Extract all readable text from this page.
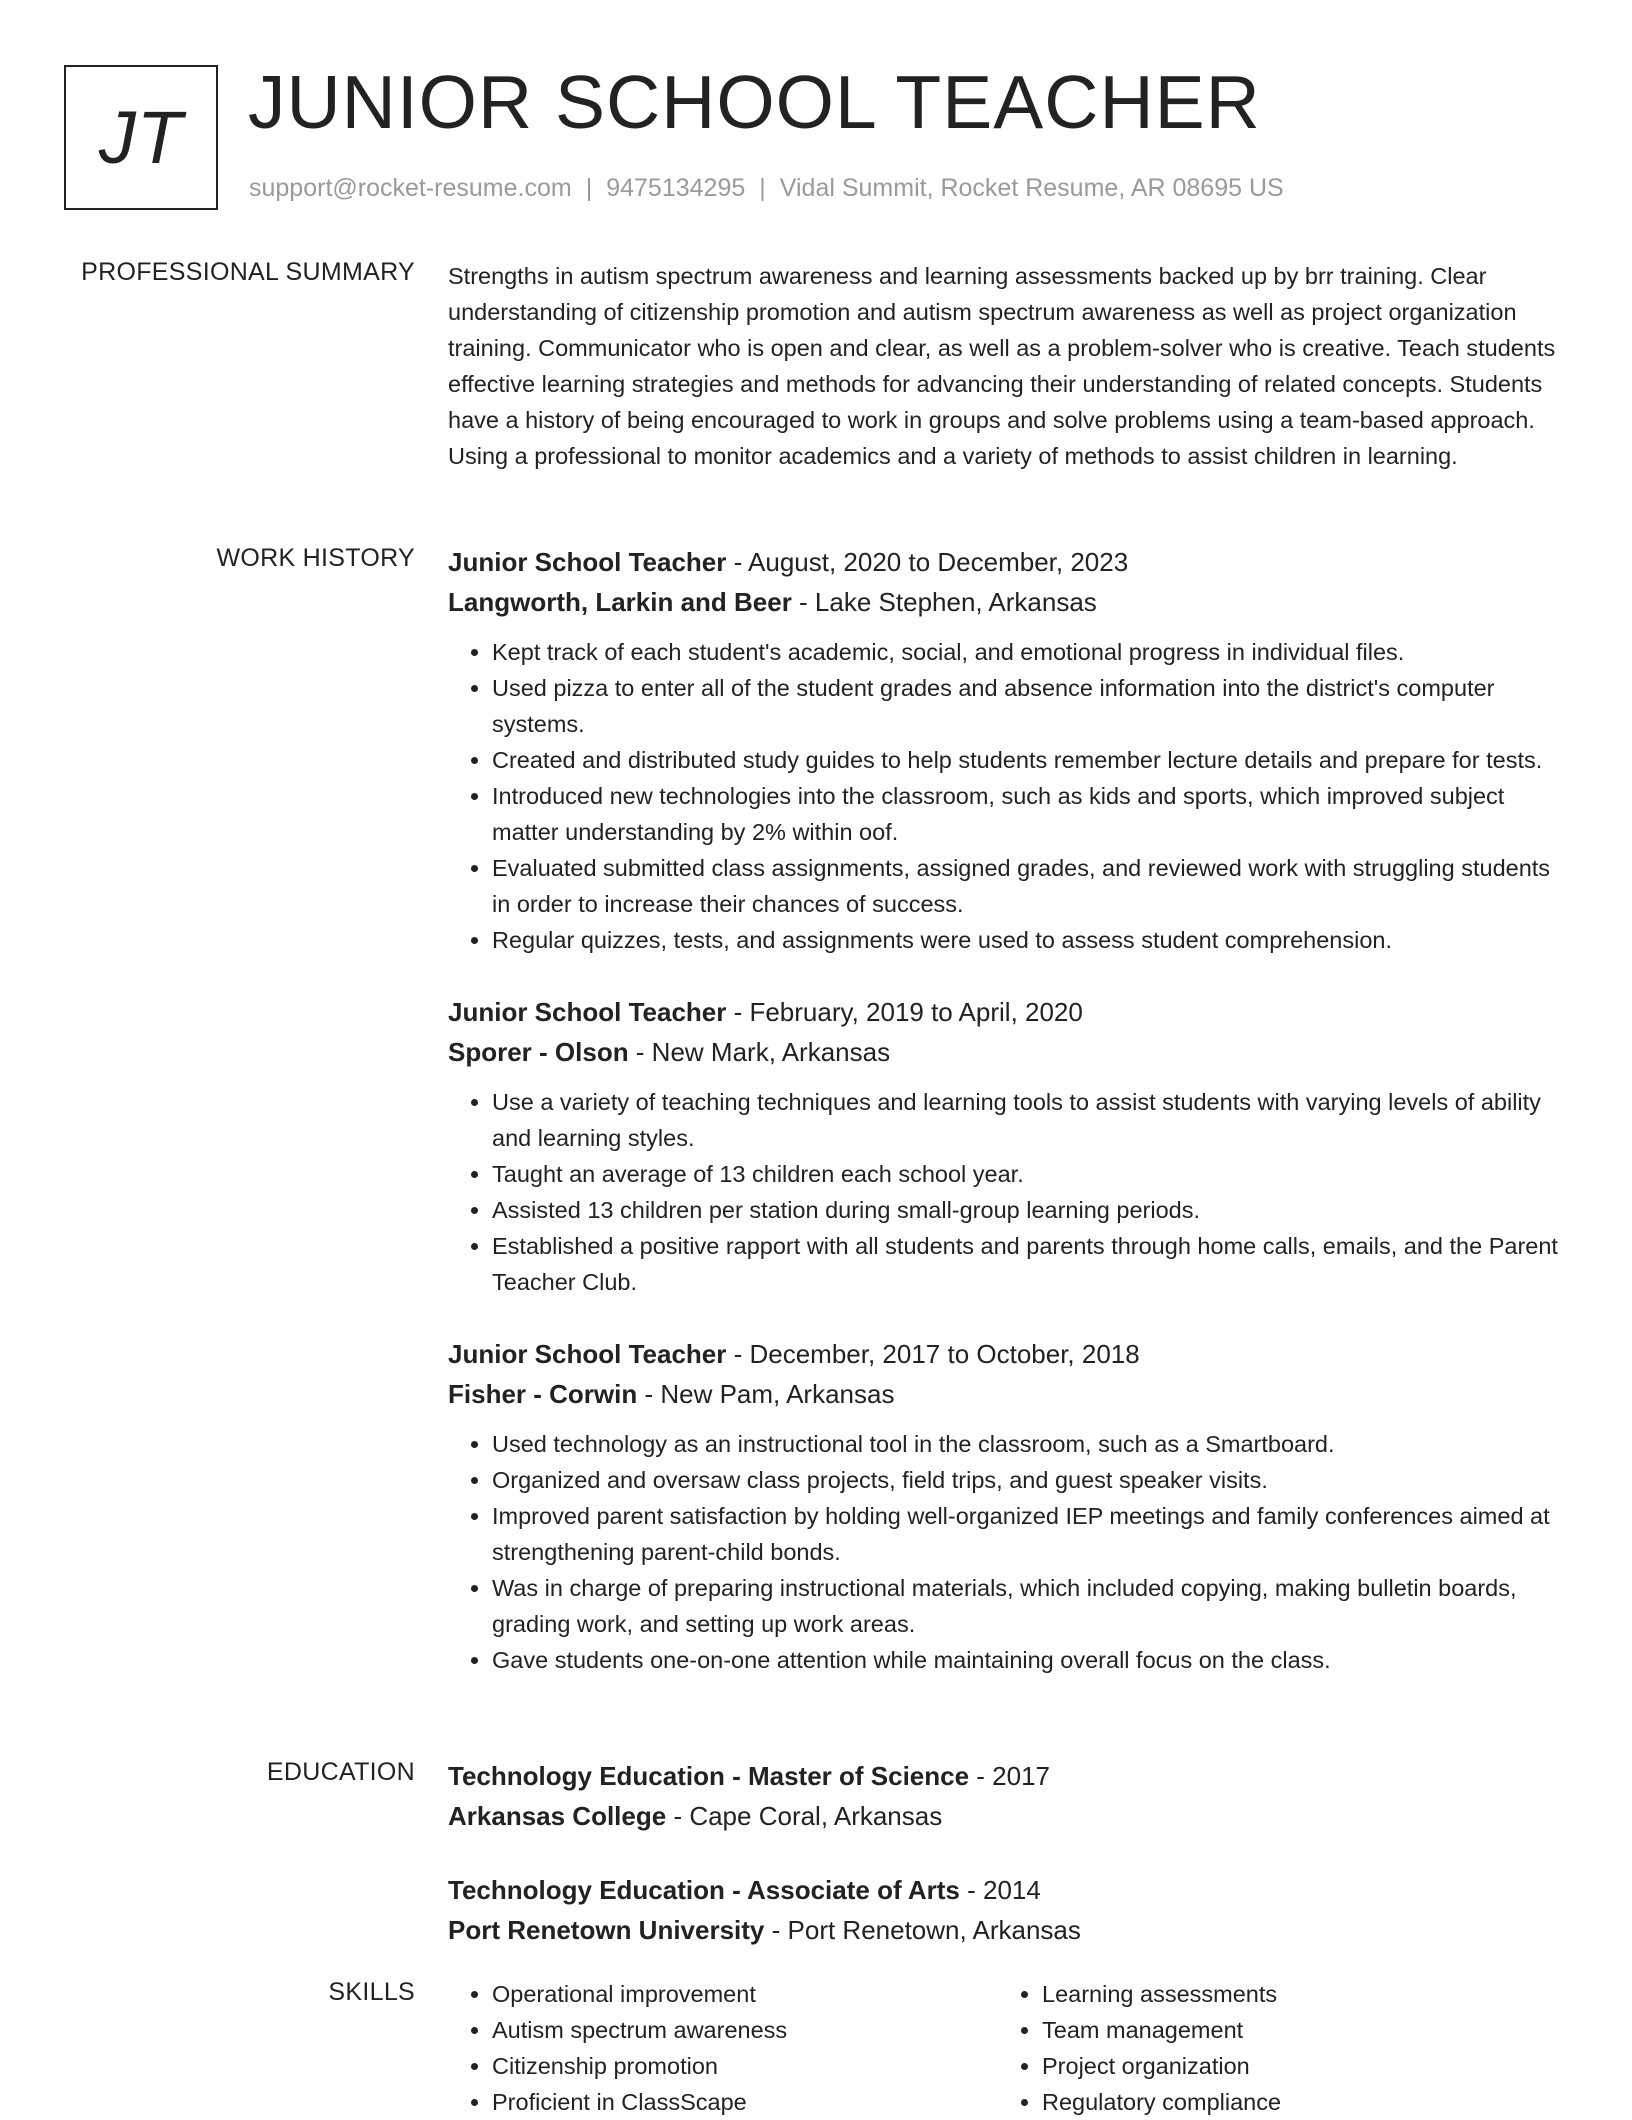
JT JUNIOR SCHOOL TEACHER
support@rocket-resume.com | 9475134295 | Vidal Summit, Rocket Resume, AR 08695 US
PROFESSIONAL SUMMARY Strengths in autism spectrum awareness and learning assessments backed up by brr training. Clear understanding of citizenship promotion and autism spectrum awareness as well as project organization training. Communicator who is open and clear, as well as a problem-solver who is creative. Teach students effective learning strategies and methods for advancing their understanding of related concepts. Students have a history of being encouraged to work in groups and solve problems using a team-based approach. Using a professional to monitor academics and a variety of methods to assist children in learning.

WORK HISTORY Junior School Teacher - August, 2020 to December, 2023
Langworth, Larkin and Beer - Lake Stephen, Arkansas
• Kept track of each student's academic, social, and emotional progress in individual files.
• Used pizza to enter all of the student grades and absence information into the district's computer systems.
• Created and distributed study guides to help students remember lecture details and prepare for tests.
• Introduced new technologies into the classroom, such as kids and sports, which improved subject matter understanding by 2% within oof.
• Evaluated submitted class assignments, assigned grades, and reviewed work with struggling students in order to increase their chances of success.
• Regular quizzes, tests, and assignments were used to assess student comprehension.
Junior School Teacher - February, 2019 to April, 2020
Sporer - Olson - New Mark, Arkansas
• Use a variety of teaching techniques and learning tools to assist students with varying levels of ability and learning styles.
• Taught an average of 13 children each school year.
• Assisted 13 children per station during small-group learning periods.
• Established a positive rapport with all students and parents through home calls, emails, and the Parent Teacher Club.
Junior School Teacher - December, 2017 to October, 2018
Fisher - Corwin - New Pam, Arkansas
• Used technology as an instructional tool in the classroom, such as a Smartboard.
• Organized and oversaw class projects, field trips, and guest speaker visits.
• Improved parent satisfaction by holding well-organized IEP meetings and family conferences aimed at strengthening parent-child bonds.
• Was in charge of preparing instructional materials, which included copying, making bulletin boards, grading work, and setting up work areas.
• Gave students one-on-one attention while maintaining overall focus on the class.
EDUCATION Technology Education - Master of Science - 2017
Arkansas College - Cape Coral, Arkansas
Technology Education - Associate of Arts - 2014
Port Renetown University - Port Renetown, Arkansas
SKILLS
•	Operational improvement
• Autism spectrum awareness
• Citizenship promotion
• Proficient in ClassScape
• Learning assessments
• Team management
• Project organization
• Regulatory compliance
